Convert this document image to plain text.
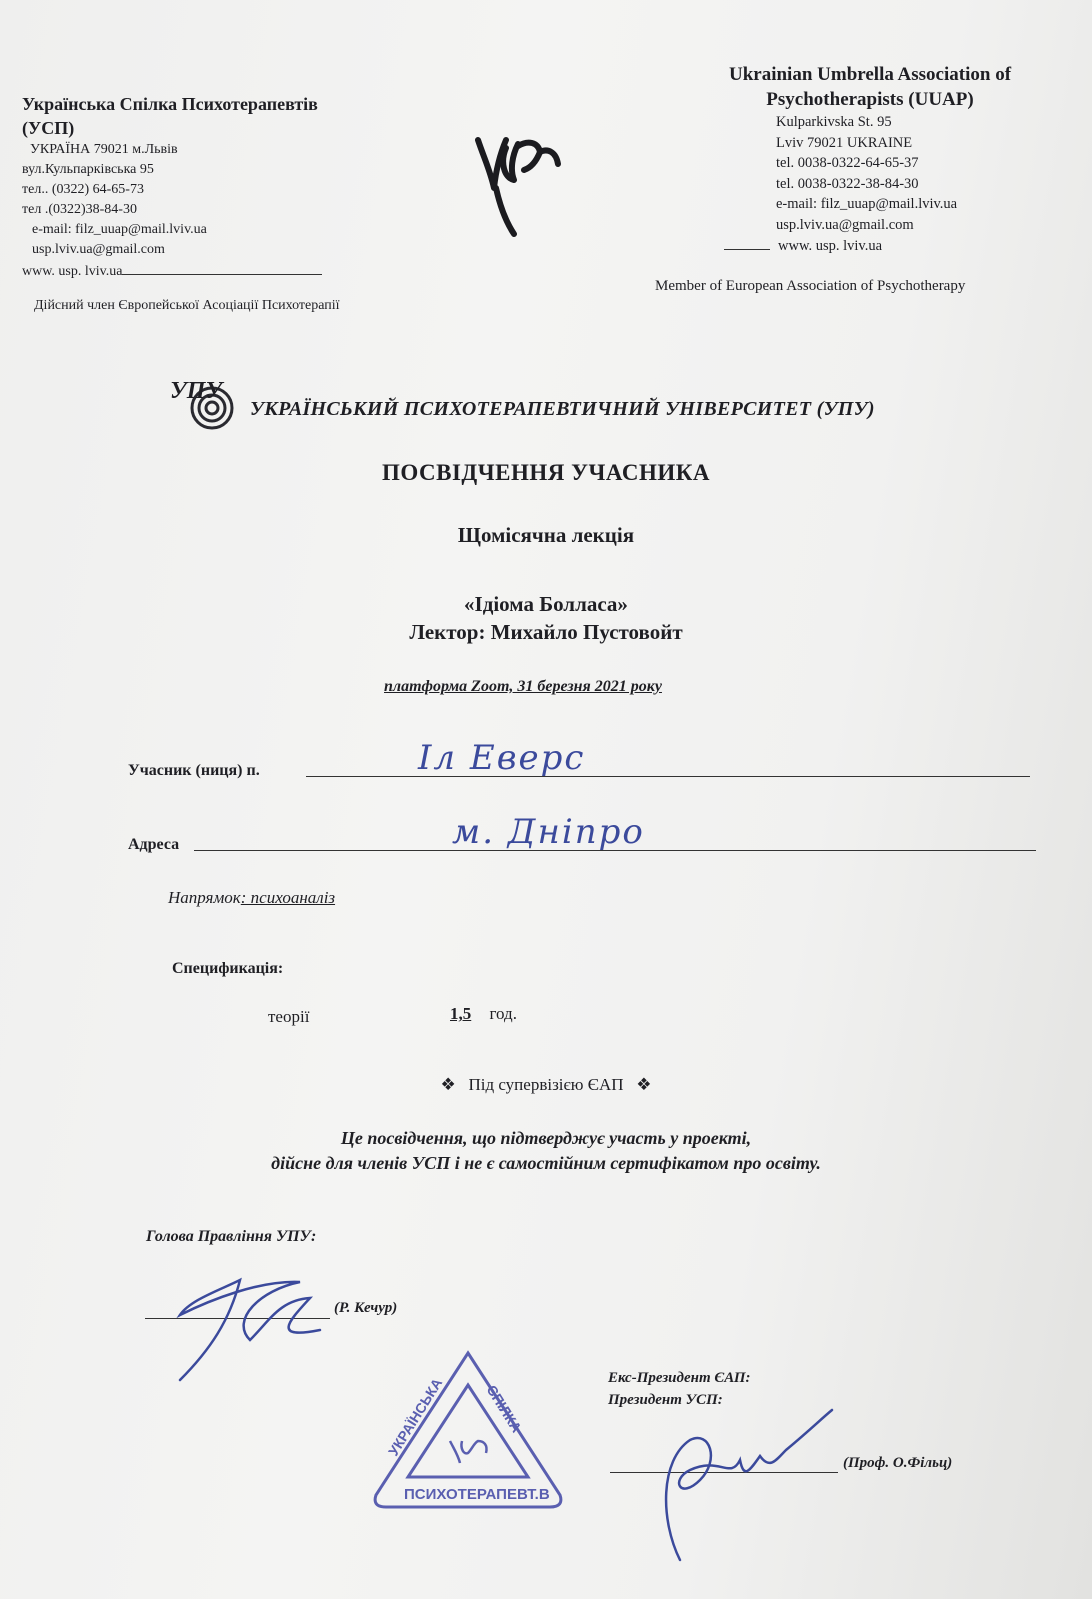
Українська Спілка Психотерапевтів
(УСП)
УКРАЇНА 79021 м.Львів
вул.Кульпарківська 95
тел.. (0322) 64-65-73
тел .(0322)38-84-30
e-mail: filz_uuap@mail.lviv.ua
usp.lviv.ua@gmail.com
www. usp. lviv.ua
Дійсний член Європейської Асоціації Психотерапії
Ukrainian Umbrella Association of
Psychotherapists (UUAP)
Kulparkivska St. 95
Lviv 79021 UKRAINE
tel. 0038-0322-64-65-37
tel. 0038-0322-38-84-30
e-mail: filz_uuap@mail.lviv.ua
usp.lviv.ua@gmail.com
www. usp. lviv.ua
Member of European Association of Psychotherapy
УПУ
УКРАЇНСЬКИЙ ПСИХОТЕРАПЕВТИЧНИЙ УНІВЕРСИТЕТ (УПУ)
ПОСВІДЧЕННЯ УЧАСНИКА
Щомісячна лекція
«Ідіома Болласа»
Лектор: Михайло Пустовойт
платформа Zoom, 31 березня 2021 року
Учасник (ниця) п.	Іл Еверс
Адреса	м. Дніпро
Напрямок: психоаналіз
Спецификація:
теорії	1,5 год.
❖ Під супервізією ЄАП ❖
Це посвідчення, що підтверджує участь у проекті,
дійсне для членів УСП і не є самостійним сертифікатом про освіту.
Голова Правління УПУ:
(Р. Кечур)
УКРАЇНСЬКА	СПІЛКА
ПСИХОТЕРАПЕВТ.В
Екс-Президент ЄАП:
Президент УСП:
(Проф. О.Фільц)
